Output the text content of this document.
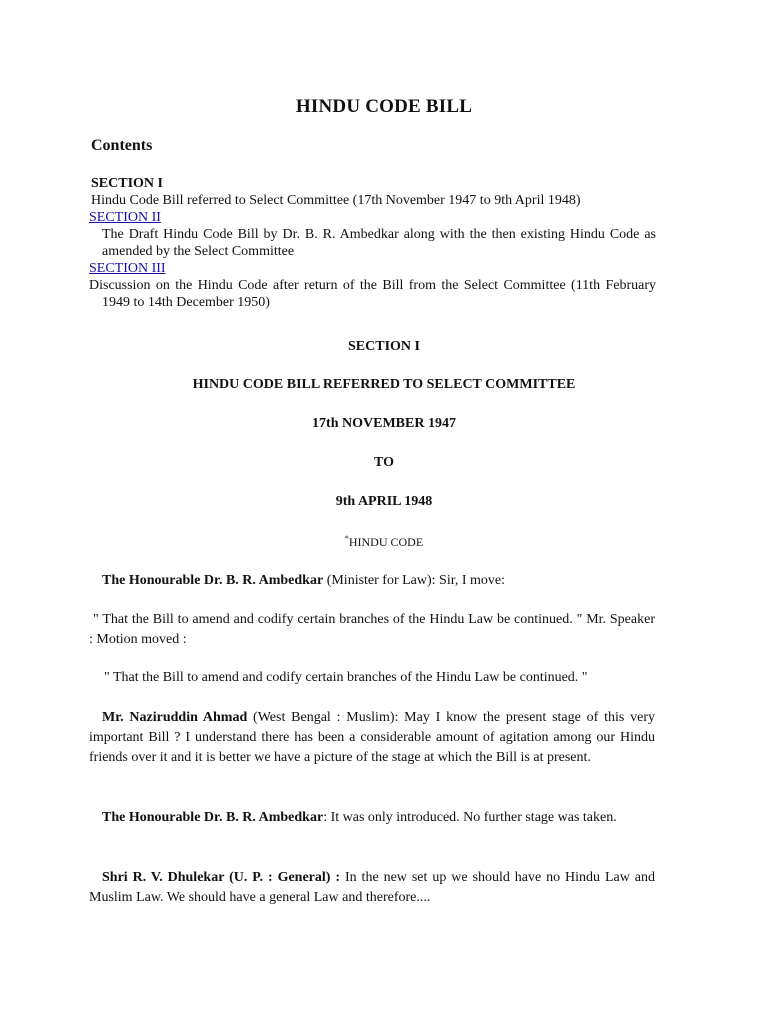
HINDU CODE BILL
Contents
SECTION I
Hindu Code Bill referred to Select Committee (17th November 1947 to 9th April 1948)
SECTION II
The Draft Hindu Code Bill by Dr. B. R. Ambedkar along with the then existing Hindu Code as amended by the Select Committee
SECTION III
Discussion on the Hindu Code after return of the Bill from the Select Committee (11th February 1949 to 14th December 1950)
SECTION I
HINDU CODE BILL REFERRED TO SELECT COMMITTEE
17th NOVEMBER 1947
TO
9th APRIL 1948
*HINDU CODE
The Honourable Dr. B. R. Ambedkar (Minister for Law): Sir, I move:
" That the Bill to amend and codify certain branches of the Hindu Law be continued. " Mr. Speaker : Motion moved :
" That the Bill to amend and codify certain branches of the Hindu Law be continued. "
Mr. Naziruddin Ahmad (West Bengal : Muslim): May I know the present stage of this very important Bill ? I understand there has been a considerable amount of agitation among our Hindu friends over it and it is better we have a picture of the stage at which the Bill is at present.
The Honourable Dr. B. R. Ambedkar: It was only introduced. No further stage was taken.
Shri R. V. Dhulekar (U. P. : General) : In the new set up we should have no Hindu Law and Muslim Law. We should have a general Law and therefore....
